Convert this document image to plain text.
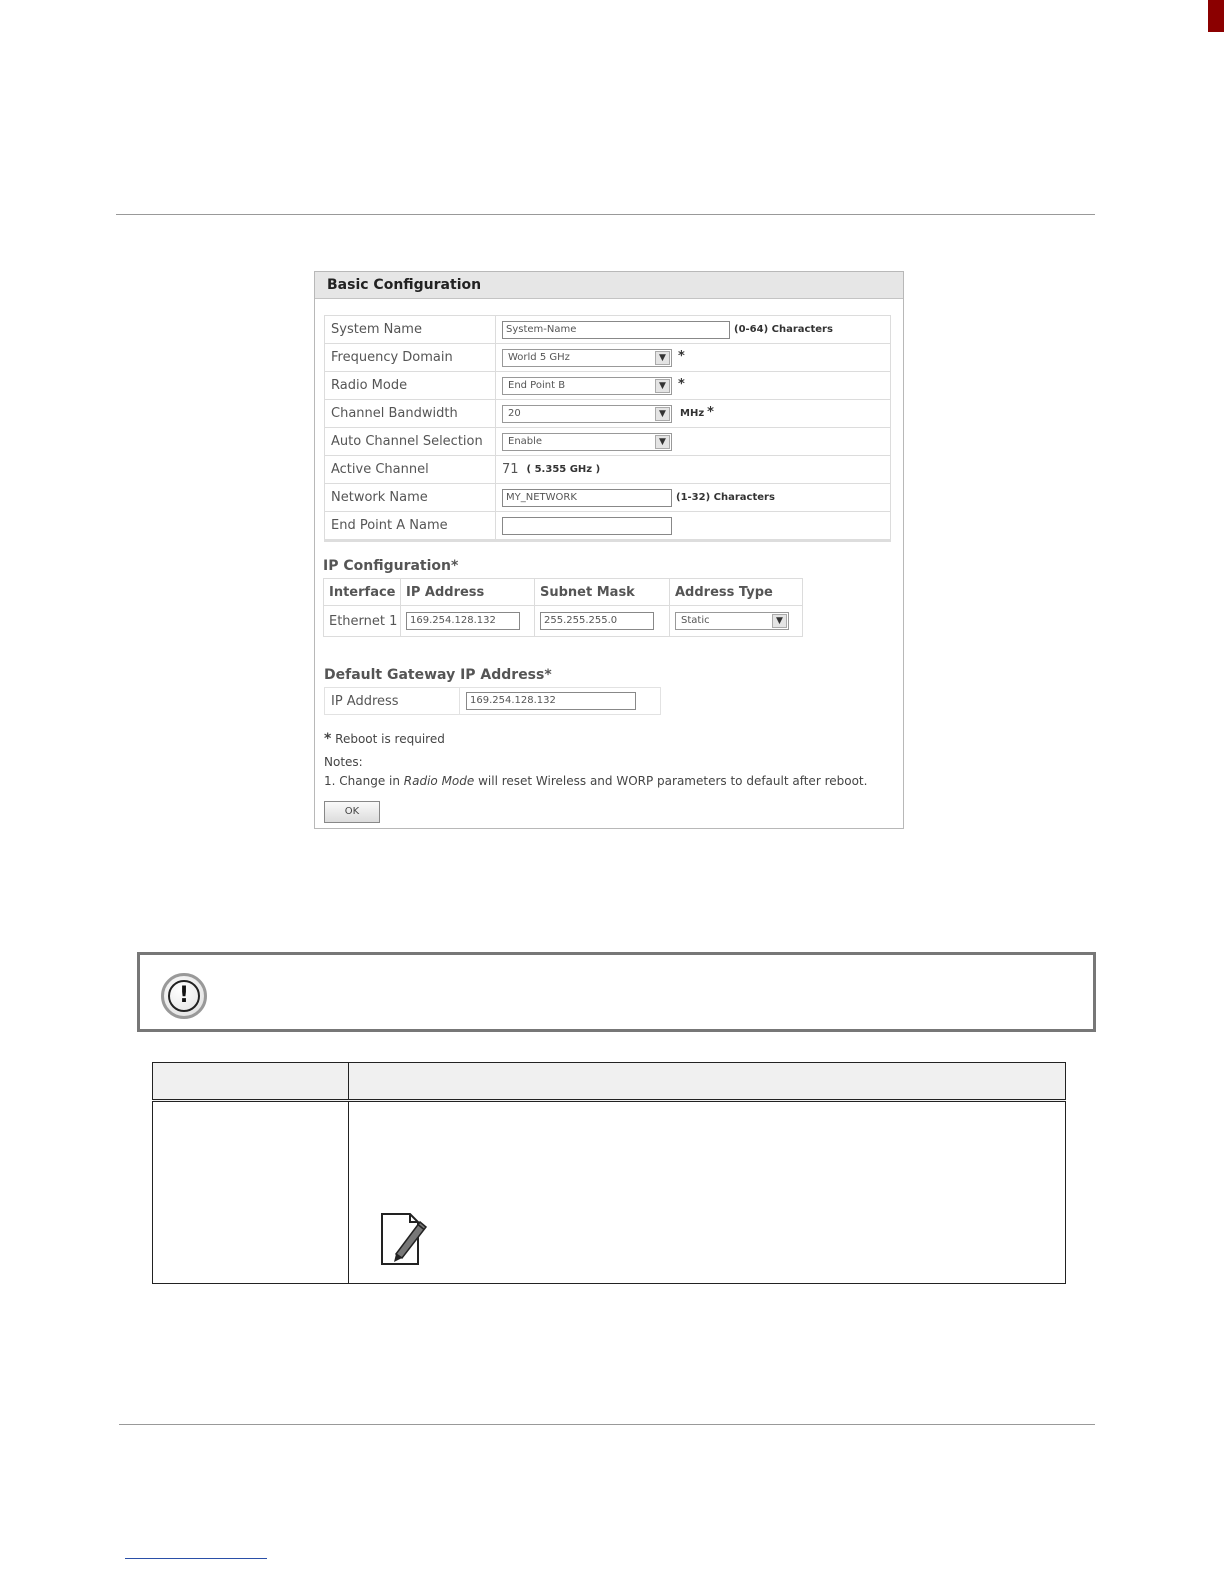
Basic Configuration
System Name	System-Name (0-64) Characters
Frequency Domain	World 5 GHz ▼ *
Radio Mode	End Point B ▼ *
Channel Bandwidth	20 ▼ MHz *
Auto Channel Selection	Enable ▼

Active Channel	71 ( 5.355 GHz )
Network Name	MY_NETWORK (1-32) Characters
End Point A Name	
IP Configuration*
Interface	IP Address	Subnet Mask	Address Type
Ethernet 1	169.254.128.132	255.255.255.0	Static ▼
Default Gateway IP Address*
IP Address	169.254.128.132
* Reboot is required
Notes:
1. Change in Radio Mode will reset Wireless and WORP parameters to default after reboot.
OK
!
